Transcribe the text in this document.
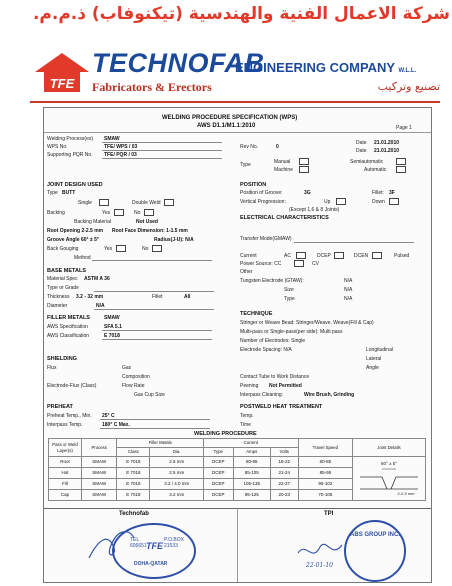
شركة الاعمال الفنية والهندسية (تيكنوفاب) ذ.م.م.
TFE
TECHNOFAB
ENGINEERING COMPANY W.L.L.
Fabricators & Erectors	تصنيع وتركيب
WELDING PROCEDURE SPECIFICATION (WPS)
AWS D1.1/M1.1:2010	Page 1
Welding Process(es) SMAW
WPS No.	TFE/ WPS / 03
Supporting PQR No. TFE/ PQR / 03
Rev No.	0
Date 21.01.2010
Date 21.01.2010
Type	Manual	Semiautomatic
Machine	Automatic
JOINT DESIGN USED
Type BUTT
Single	Double Weld
Backing	Yes	No
Backing Material	Not Used
Root Opening 2-2.5 mm Root Face Dimension: 1-1.5 mm
Groove Angle 60° ± 5°	Radius(J-U): N/A
Back Gouging	Yes	No
Method
POSITION
Position of Groove:	3G	Fillet: 3F
Vertical Progression:	Up	Down
(Except 1,6 & 8 Joints)
ELECTRICAL CHARACTERISTICS
Transfer Mode(GMAW)
Current	AC	DCEP	DCEN	Pulsed
Power Source: CC	CV
Other
Tungsten Electrode (GTAW):	N/A
Size	N/A
Type	N/A
BASE METALS
Material Spec ASTM A 36
Type or Grade
Thickness 3.2 - 32 mm	Fillet	All
Diameter	N/A
FILLER METALS	SMAW
AWS Specification	SFA 5.1
AWS Classification	E 7018
TECHNIQUE
Stringer or Weave Bead: Stringer/Weave, Weave(Fill & Cap)
Multi-pass or Single-pass(per side): Multi pass
Number of Electrodes: Single
Electrode Spacing: N/A	Longitudinal
Lateral
Angle
SHIELDING
Flux	Gas
Composition
Electrode-Flux (Class)	Flow Rate
Gas Cup Size
Contact Tube to Work Distance
Peening Not Permitted
Interpass Cleaning:	Wire Brush, Grinding
PREHEAT
Preheat Temp., Min. 25° C
Interpass Temp.	180° C Max.
POSTWELD HEAT TREATMENT
Temp.
Time
WELDING PROCEDURE
Pass or Weld Layer(s)	Process	Filler Metals		Current			Travel Speed	Joint Details
		Class	Dia.	Type	Amps	Volts		
Root	SMAW	E 7018	2.5 mm	DCEP	80-95	18-22	60-85	60° ± 5°
2-2.5 mm

Hot	SMAW	E 7018	2.5 mm	DCEP	85-105	21-24	85-95	
Fill	SMAW	E 7018	3.2 / 4.0 mm	DCEP	105-135	22-27	95-102	
Cap	SMAW	E 7018	3.2 mm	DCEP	95-125	20-23	70-105	
Technofab	TPI
TEL
606651 TFE
P.O.BOX
21533
DOHA-QATAR
ABS GROUP INC.
22-01-10
